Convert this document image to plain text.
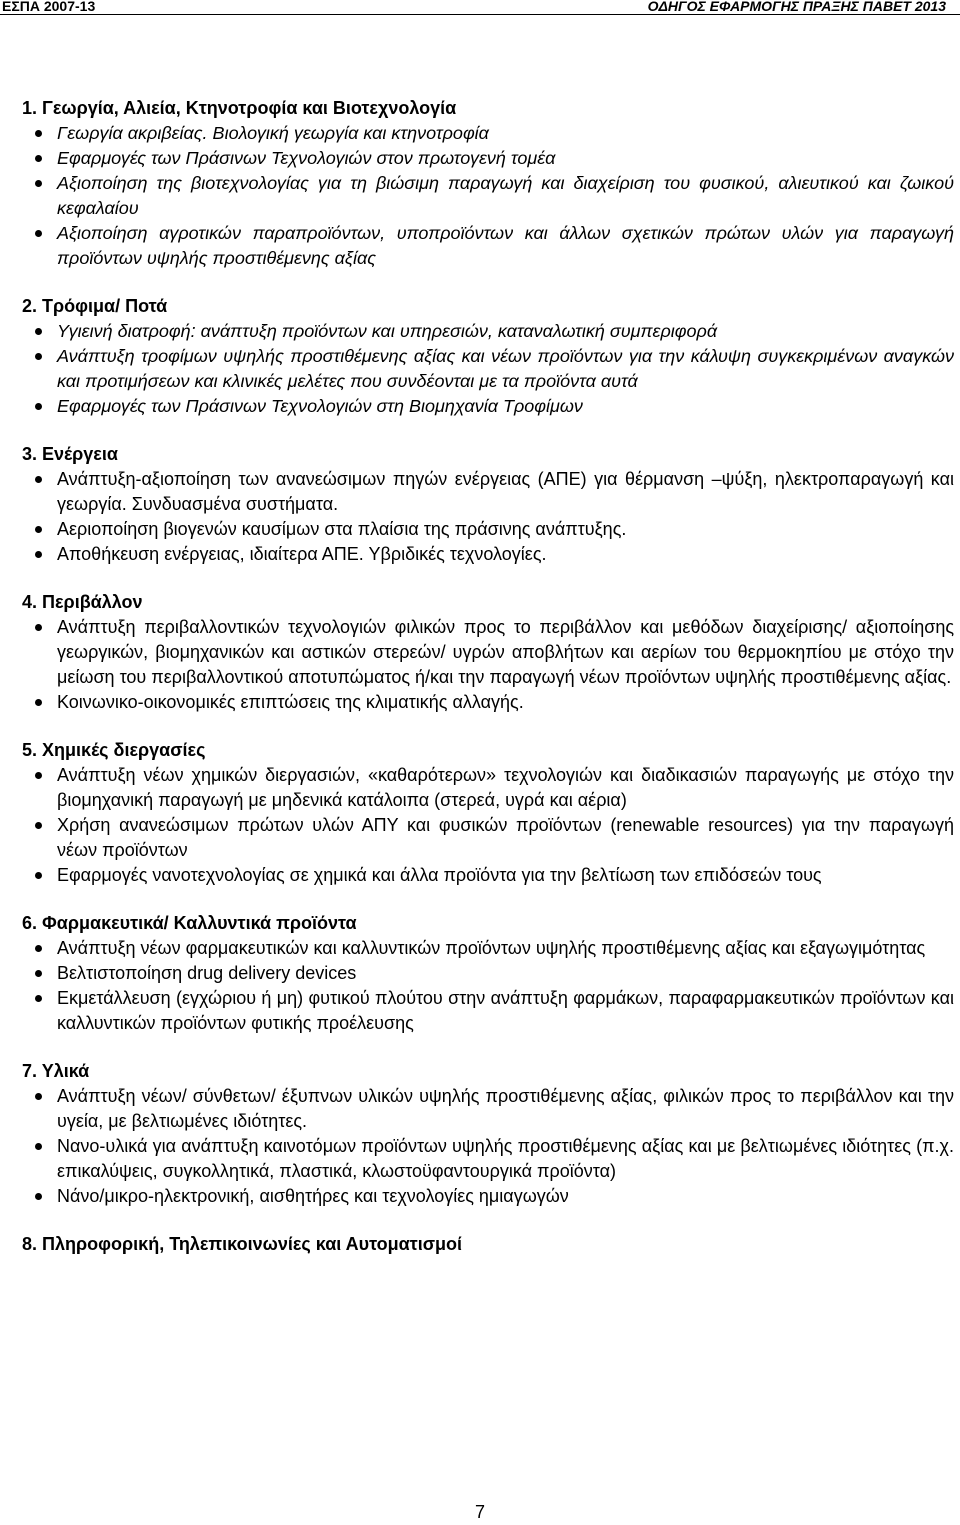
ΕΣΠΑ 2007-13	ΟΔΗΓΟΣ ΕΦΑΡΜΟΓΗΣ ΠΡΑΞΗΣ ΠΑΒΕΤ 2013
1. Γεωργία, Αλιεία, Κτηνοτροφία και Βιοτεχνολογία
Γεωργία ακριβείας. Βιολογική γεωργία και κτηνοτροφία
Εφαρμογές των Πράσινων Τεχνολογιών στον πρωτογενή τομέα
Αξιοποίηση της βιοτεχνολογίας για τη βιώσιμη παραγωγή και διαχείριση του φυσικού, αλιευτικού και ζωικού κεφαλαίου
Αξιοποίηση αγροτικών παραπροϊόντων, υποπροϊόντων και άλλων σχετικών πρώτων υλών για παραγωγή προϊόντων υψηλής προστιθέμενης αξίας
2. Τρόφιμα/ Ποτά
Υγιεινή διατροφή: ανάπτυξη προϊόντων και υπηρεσιών, καταναλωτική συμπεριφορά
Ανάπτυξη τροφίμων υψηλής προστιθέμενης αξίας και νέων προϊόντων για την κάλυψη συγκεκριμένων αναγκών και προτιμήσεων και κλινικές μελέτες που συνδέονται με τα προϊόντα αυτά
Εφαρμογές των Πράσινων Τεχνολογιών στη Βιομηχανία Τροφίμων
3. Ενέργεια
Ανάπτυξη-αξιοποίηση των ανανεώσιμων πηγών ενέργειας (ΑΠΕ) για θέρμανση –ψύξη, ηλεκτροπαραγωγή και γεωργία. Συνδυασμένα συστήματα.
Αεριοποίηση βιογενών καυσίμων στα πλαίσια της πράσινης ανάπτυξης.
Αποθήκευση ενέργειας, ιδιαίτερα ΑΠΕ. Υβριδικές τεχνολογίες.
4. Περιβάλλον
Ανάπτυξη περιβαλλοντικών τεχνολογιών φιλικών προς το περιβάλλον και μεθόδων διαχείρισης/ αξιοποίησης γεωργικών, βιομηχανικών και αστικών στερεών/ υγρών αποβλήτων και αερίων του θερμοκηπίου με στόχο την μείωση του περιβαλλοντικού αποτυπώματος ή/και την παραγωγή νέων προϊόντων υψηλής προστιθέμενης αξίας.
Κοινωνικο-οικονομικές επιπτώσεις της κλιματικής αλλαγής.
5. Χημικές διεργασίες
Ανάπτυξη νέων χημικών διεργασιών, «καθαρότερων» τεχνολογιών και διαδικασιών παραγωγής με στόχο την βιομηχανική παραγωγή με μηδενικά κατάλοιπα (στερεά, υγρά και αέρια)
Χρήση ανανεώσιμων πρώτων υλών ΑΠΥ και φυσικών προϊόντων (renewable resources) για την παραγωγή νέων προϊόντων
Εφαρμογές νανοτεχνολογίας σε χημικά και άλλα προϊόντα για την βελτίωση των επιδόσεών τους
6. Φαρμακευτικά/ Καλλυντικά προϊόντα
Ανάπτυξη νέων φαρμακευτικών και καλλυντικών προϊόντων υψηλής προστιθέμενης αξίας και εξαγωγιμότητας
Βελτιστοποίηση drug delivery devices
Εκμετάλλευση (εγχώριου ή μη) φυτικού πλούτου στην ανάπτυξη φαρμάκων, παραφαρμακευτικών προϊόντων και καλλυντικών προϊόντων φυτικής προέλευσης
7. Υλικά
Ανάπτυξη νέων/ σύνθετων/ έξυπνων υλικών υψηλής προστιθέμενης αξίας, φιλικών προς το περιβάλλον και την υγεία, με βελτιωμένες ιδιότητες.
Νανο-υλικά για ανάπτυξη καινοτόμων προϊόντων υψηλής προστιθέμενης αξίας και με βελτιωμένες ιδιότητες (π.χ. επικαλύψεις, συγκολλητικά, πλαστικά, κλωστοϋφαντουργικά προϊόντα)
Νάνο/μικρο-ηλεκτρονική, αισθητήρες και τεχνολογίες ημιαγωγών
8. Πληροφορική, Τηλεπικοινωνίες και Αυτοματισμοί
7
